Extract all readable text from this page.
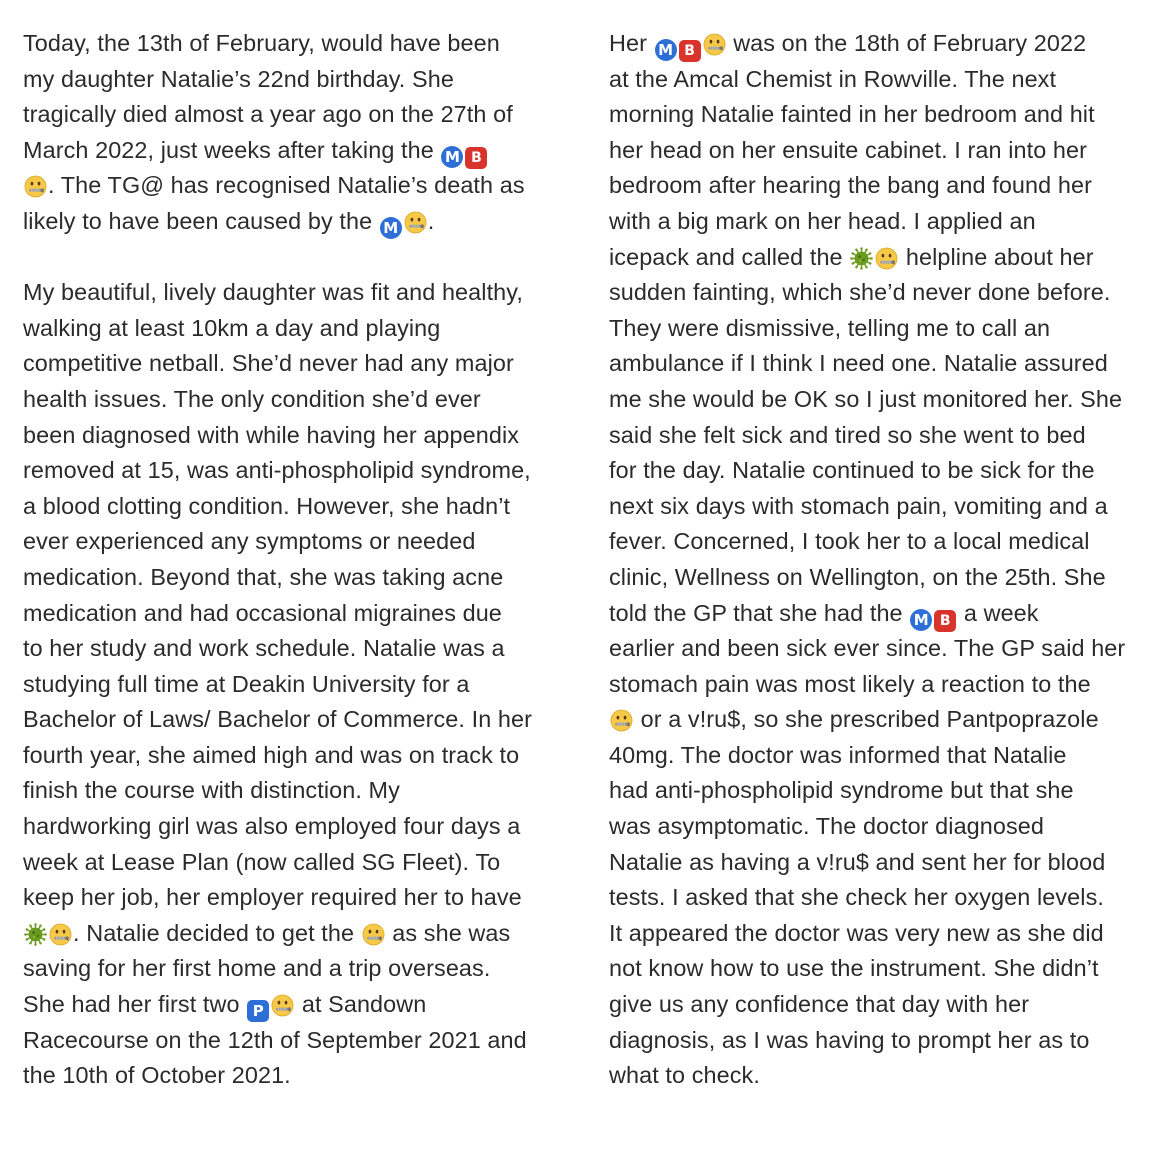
Today, the 13th of February, would have been
my daughter Natalie’s 22nd birthday. She
tragically died almost a year ago on the 27th of
March 2022, just weeks after taking the M B
. The TG@ has recognised Natalie’s death as
likely to have been caused by the M .
My beautiful, lively daughter was fit and healthy,
walking at least 10km a day and playing
competitive netball. She’d never had any major
health issues. The only condition she’d ever
been diagnosed with while having her appendix
removed at 15, was anti-phospholipid syndrome,
a blood clotting condition. However, she hadn’t
ever experienced any symptoms or needed
medication. Beyond that, she was taking acne
medication and had occasional migraines due
to her study and work schedule. Natalie was a
studying full time at Deakin University for a
Bachelor of Laws/ Bachelor of Commerce. In her
fourth year, she aimed high and was on track to
finish the course with distinction. My
hardworking girl was also employed four days a
week at Lease Plan (now called SG Fleet). To
keep her job, her employer required her to have
. Natalie decided to get the
as she was
saving for her first home and a trip overseas.
She had her first two P
at Sandown
Racecourse on the 12th of September 2021 and
the 10th of October 2021.
Her M B
was on the 18th of February 2022
at the Amcal Chemist in Rowville. The next
morning Natalie fainted in her bedroom and hit
her head on her ensuite cabinet. I ran into her
bedroom after hearing the bang and found her
with a big mark on her head. I applied an
icepack and called the
helpline about her
sudden fainting, which she’d never done before.
They were dismissive, telling me to call an
ambulance if I think I need one. Natalie assured
me she would be OK so I just monitored her. She
said she felt sick and tired so she went to bed
for the day. Natalie continued to be sick for the
next six days with stomach pain, vomiting and a
fever. Concerned, I took her to a local medical
clinic, Wellness on Wellington, on the 25th. She
told the GP that she had the M B a week
earlier and been sick ever since. The GP said her
stomach pain was most likely a reaction to the
or a v!ru$, so she prescribed Pantpoprazole
40mg. The doctor was informed that Natalie
had anti-phospholipid syndrome but that she
was asymptomatic. The doctor diagnosed
Natalie as having a v!ru$ and sent her for blood
tests. I asked that she check her oxygen levels.
It appeared the doctor was very new as she did
not know how to use the instrument. She didn’t
give us any confidence that day with her
diagnosis, as I was having to prompt her as to
what to check.
